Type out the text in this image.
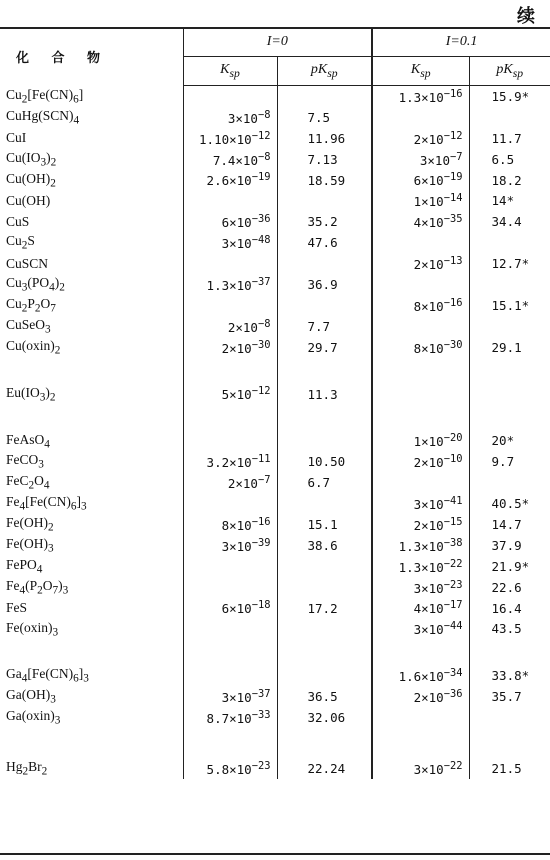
续
化 合 物	I=0		I=0.1	
	$K_{sp}$	$pK_{sp}$	$K_{sp}$	$pK_{sp}$
$Cu_2[Fe(CN)_6]$			$1.3\times 10^{-16}$	15.9*
$CuHg(SCN)_4$	$3\times 10^{-8}$	7.5		
CuI	$1.10\times 10^{-12}$	11.96	$2\times 10^{-12}$	11.7
$Cu(IO_3)_2$	$7.4\times 10^{-8}$	7.13	$3\times 10^{-7}$	6.5
$Cu(OH)_2$	$2.6\times 10^{-19}$	18.59	$6\times 10^{-19}$	18.2
Cu(OH)			$1\times 10^{-14}$	14*
CuS	$6\times 10^{-36}$	35.2	$4\times 10^{-35}$	34.4
$Cu_2S$	$3\times 10^{-48}$	47.6		
CuSCN			$2\times 10^{-13}$	12.7*
$Cu_3(PO_4)_2$	$1.3\times 10^{-37}$	36.9		
$Cu_2P_2O_7$			$8\times 10^{-16}$	15.1*
CuSeO$_3$	$2\times 10^{-8}$	7.7		
$Cu(oxin)_2$	$2\times 10^{-30}$	29.7	$8\times 10^{-30}$	29.1

$Eu(IO_3)_2$	$5\times 10^{-12}$	11.3		

FeAsO$_4$			$1\times 10^{-20}$	20*
FeCO$_3$	$3.2\times 10^{-11}$	10.50	$2\times 10^{-10}$	9.7
$FeC_2O_4$	$2\times 10^{-7}$	6.7		
$Fe_4[Fe(CN)_6]_3$			$3\times 10^{-41}$	40.5*
$Fe(OH)_2$	$8\times 10^{-16}$	15.1	$2\times 10^{-15}$	14.7
$Fe(OH)_3$	$3\times 10^{-39}$	38.6	$1.3\times 10^{-38}$	37.9
FePO$_4$			$1.3\times 10^{-22}$	21.9*
$Fe_4(P_2O_7)_3$			$3\times 10^{-23}$	22.6
FeS	$6\times 10^{-18}$	17.2	$4\times 10^{-17}$	16.4
$Fe(oxin)_3$			$3\times 10^{-44}$	43.5

$Ga_4[Fe(CN)_6]_3$			$1.6\times 10^{-34}$	33.8*
$Ga(OH)_3$	$3\times 10^{-37}$	36.5	$2\times 10^{-36}$	35.7
$Ga(oxin)_3$	$8.7\times 10^{-33}$	32.06		

$Hg_2Br_2$	$5.8\times 10^{-23}$	22.24	$3\times 10^{-22}$	21.5
